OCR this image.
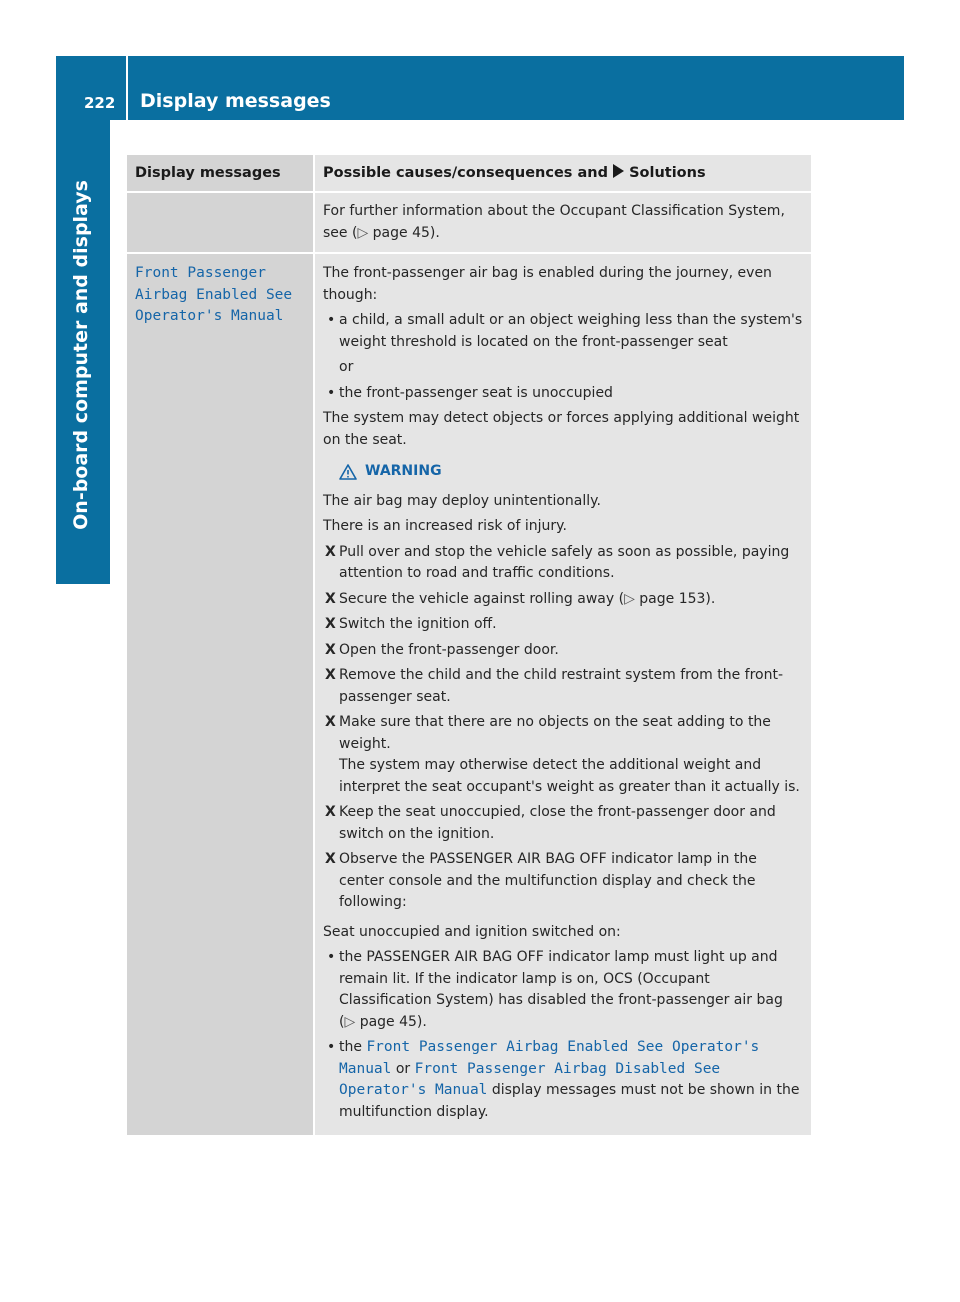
222 Display messages
On-board computer and displays
Display messages	Possible causes/consequences and Solutions
For further information about the Occupant Classification System, see (▷ page 45).
Front Passenger Airbag Enabled See Operator's Manual
The front-passenger air bag is enabled during the journey, even though:
• a child, a small adult or an object weighing less than the system's weight threshold is located on the front-passenger seat
or
• the front-passenger seat is unoccupied
The system may detect objects or forces applying additional weight on the seat.
WARNING
The air bag may deploy unintentionally.
There is an increased risk of injury.
X Pull over and stop the vehicle safely as soon as possible, paying attention to road and traffic conditions.
X Secure the vehicle against rolling away (▷ page 153).
X Switch the ignition off.
X Open the front-passenger door.
X Remove the child and the child restraint system from the front-passenger seat.
X Make sure that there are no objects on the seat adding to the weight.
The system may otherwise detect the additional weight and interpret the seat occupant's weight as greater than it actually is.
X Keep the seat unoccupied, close the front-passenger door and switch on the ignition.
X Observe the PASSENGER AIR BAG OFF indicator lamp in the center console and the multifunction display and check the following:
Seat unoccupied and ignition switched on:
• the PASSENGER AIR BAG OFF indicator lamp must light up and remain lit. If the indicator lamp is on, OCS (Occupant Classification System) has disabled the front-passenger air bag (▷ page 45).
• the Front Passenger Airbag Enabled See Operator's Manual or Front Passenger Airbag Disabled See Operator's Manual display messages must not be shown in the multifunction display.
